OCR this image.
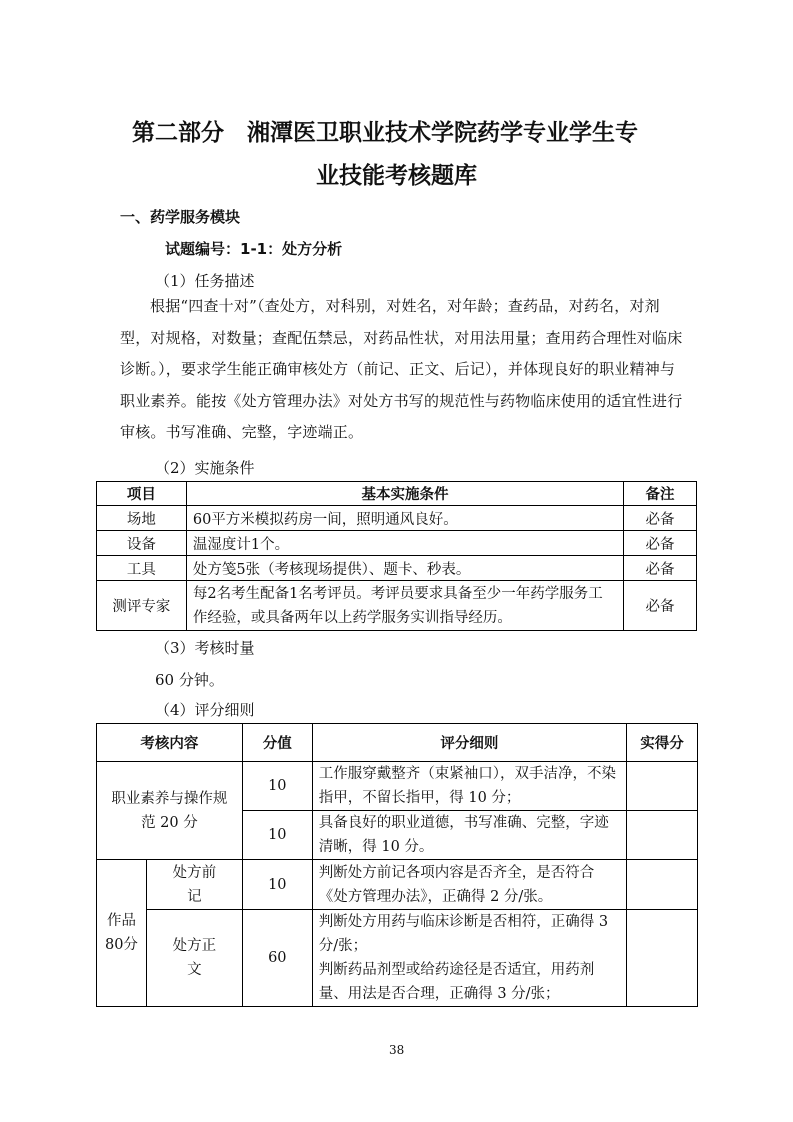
第二部分　湘潭医卫职业技术学院药学专业学生专
业技能考核题库
一、药学服务模块
试题编号：1-1：处方分析
（1）任务描述
根据“四查十对”（查处方，对科别，对姓名，对年龄；查药品，对药名，对剂型，对规格，对数量；查配伍禁忌，对药品性状，对用法用量；查用药合理性对临床诊断。），要求学生能正确审核处方（前记、正文、后记），并体现良好的职业精神与职业素养。能按《处方管理办法》对处方书写的规范性与药物临床使用的适宜性进行审核。书写准确、完整，字迹端正。
（2）实施条件
项目	基本实施条件	备注
场地	60平方米模拟药房一间，照明通风良好。	必备
设备	温湿度计1个。	必备
工具	处方笺5张（考核现场提供）、题卡、秒表。	必备
测评专家	每2名考生配备1名考评员。考评员要求具备至少一年药学服务工作经验，或具备两年以上药学服务实训指导经历。	必备
（3）考核时量
60 分钟。
（4）评分细则
考核内容		分值	评分细则	实得分
职业素养与操作规范 20 分		10	工作服穿戴整齐（束紧袖口），双手洁净，不染指甲，不留长指甲，得 10 分；	
		10	具备良好的职业道德，书写准确、完整，字迹清晰，得 10 分。	
作品 80分	处方前记	10	判断处方前记各项内容是否齐全，是否符合《处方管理办法》，正确得 2 分/张。	
	处方正文	60	判断处方用药与临床诊断是否相符，正确得 3 分/张；
判断药品剂型或给药途径是否适宜，用药剂量、用法是否合理，正确得 3 分/张；	

38
